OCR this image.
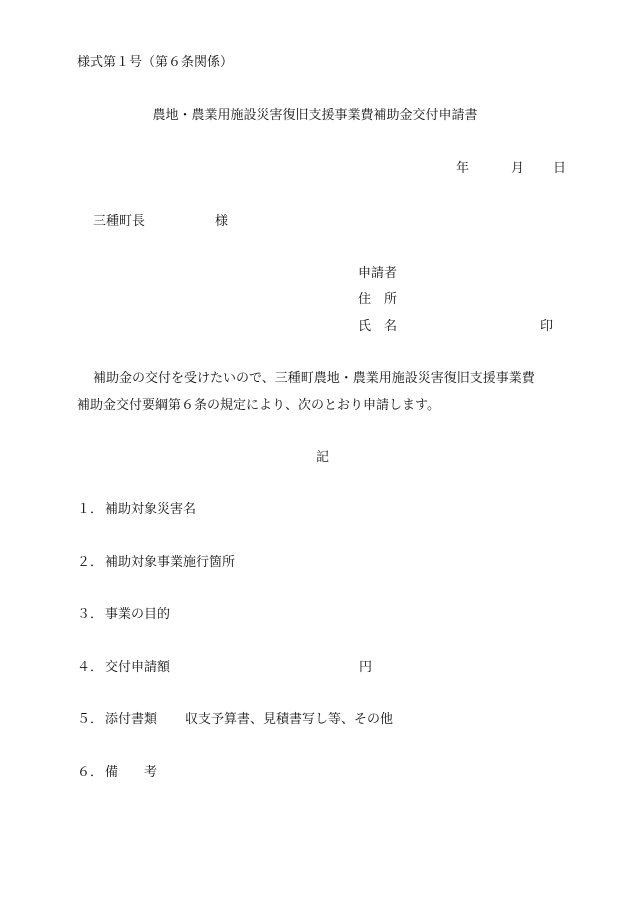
様式第１号（第６条関係）
農地・農業用施設災害復旧支援事業費補助金交付申請書
年	月 日
三種町長	様
申請者
住　所
氏　名	印
補助金の交付を受けたいので、三種町農地・農業用施設災害復旧支援事業費
補助金交付要綱第６条の規定により、次のとおり申請します。
記
１． 補助対象災害名
２． 補助対象事業施行箇所
３． 事業の目的
４． 交付申請額	円
５． 添付書類 収支予算書、見積書写し等、その他
６． 備　　考
